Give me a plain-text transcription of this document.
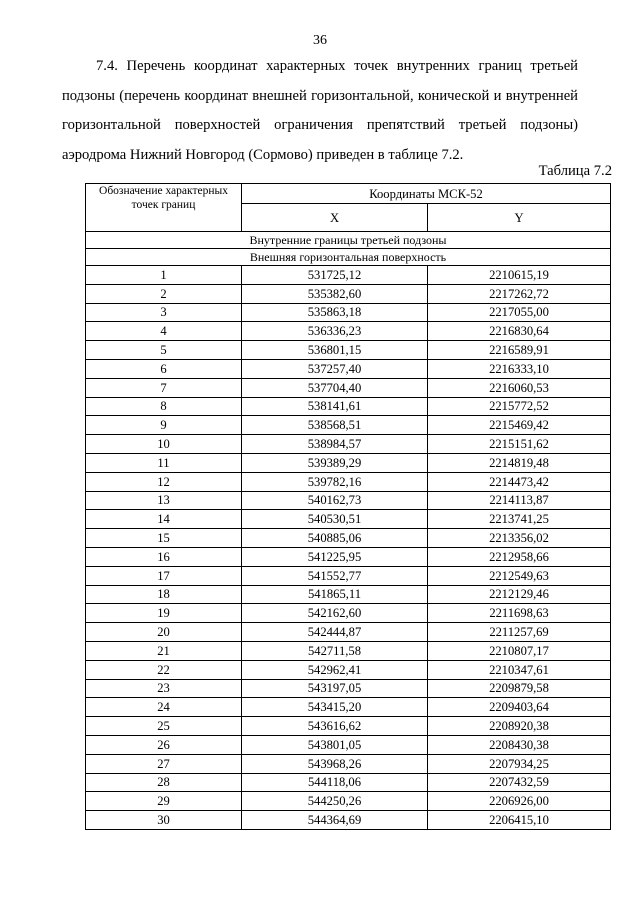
36

7.4. Перечень координат характерных точек внутренних границ третьей подзоны (перечень координат внешней горизонтальной, конической и внутренней горизонтальной поверхностей ограничения препятствий третьей подзоны) аэродрома Нижний Новгород (Сормово) приведен в таблице 7.2.

Таблица 7.2
Обозначение характерных точек границ	Координаты МСК-52	
	X	Y
Внутренние границы третьей подзоны		
Внешняя горизонтальная поверхность		
1	531725,12	2210615,19
2	535382,60	2217262,72
3	535863,18	2217055,00
4	536336,23	2216830,64
5	536801,15	2216589,91
6	537257,40	2216333,10
7	537704,40	2216060,53
8	538141,61	2215772,52
9	538568,51	2215469,42
10	538984,57	2215151,62
11	539389,29	2214819,48
12	539782,16	2214473,42
13	540162,73	2214113,87
14	540530,51	2213741,25
15	540885,06	2213356,02
16	541225,95	2212958,66
17	541552,77	2212549,63
18	541865,11	2212129,46
19	542162,60	2211698,63
20	542444,87	2211257,69
21	542711,58	2210807,17
22	542962,41	2210347,61
23	543197,05	2209879,58
24	543415,20	2209403,64
25	543616,62	2208920,38
26	543801,05	2208430,38
27	543968,26	2207934,25
28	544118,06	2207432,59
29	544250,26	2206926,00
30	544364,69	2206415,10
